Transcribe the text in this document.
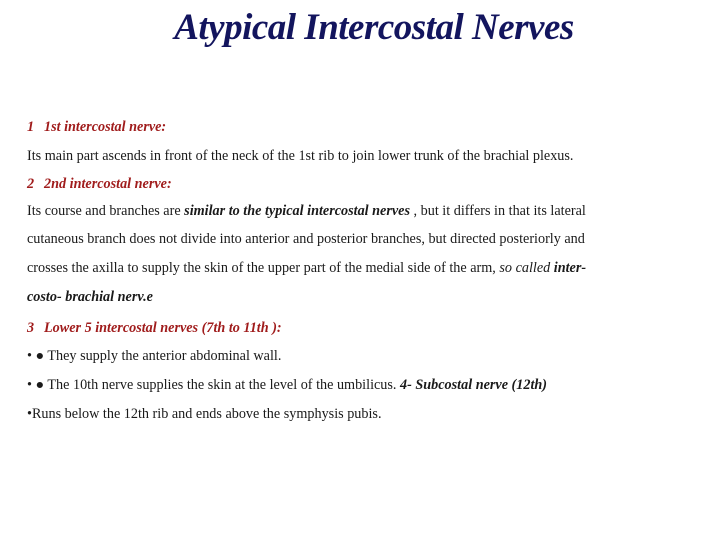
Atypical Intercostal Nerves

1 1st intercostal nerve:

Its main part ascends in front of the neck of the 1st rib to join lower trunk of the brachial plexus.

2 2nd intercostal nerve:

Its course and branches are similar to the typical intercostal nerves , but it differs in that its lateral

cutaneous branch does not divide into anterior and posterior branches, but directed posteriorly and

crosses the axilla to supply the skin of the upper part of the medial side of the arm, so called inter-

costo- brachial nerv.e

3 Lower 5 intercostal nerves (7th to 11th ):

• ● They supply the anterior abdominal wall.

• ● The 10th nerve supplies the skin at the level of the umbilicus. 4- Subcostal nerve (12th)

•Runs below the 12th rib and ends above the symphysis pubis.
